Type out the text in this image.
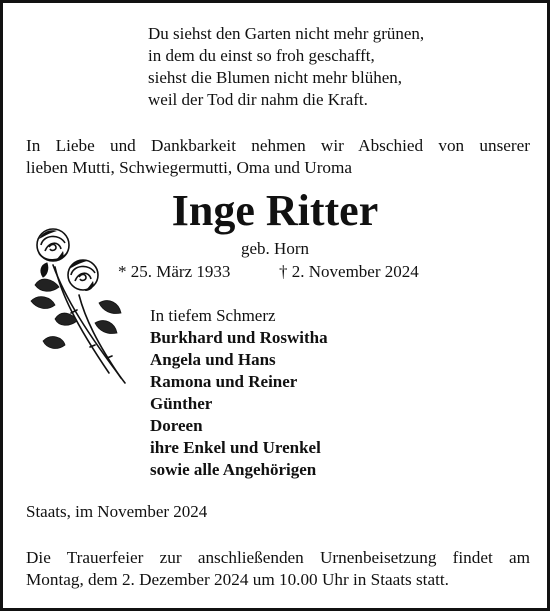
Du siehst den Garten nicht mehr grünen,
in dem du einst so froh geschafft,
siehst die Blumen nicht mehr blühen,
weil der Tod dir nahm die Kraft.
In Liebe und Dankbarkeit nehmen wir Abschied von unserer
lieben Mutti, Schwiegermutti, Oma und Uroma
Inge Ritter
geb. Horn
* 25. März 1933	† 2. November 2024
In tiefem Schmerz
Burkhard und Roswitha
Angela und Hans
Ramona und Reiner
Günther
Doreen
ihre Enkel und Urenkel
sowie alle Angehörigen
Staats, im November 2024
Die Trauerfeier zur anschließenden Urnenbeisetzung findet am
Montag, dem 2. Dezember 2024 um 10.00 Uhr in Staats statt.
